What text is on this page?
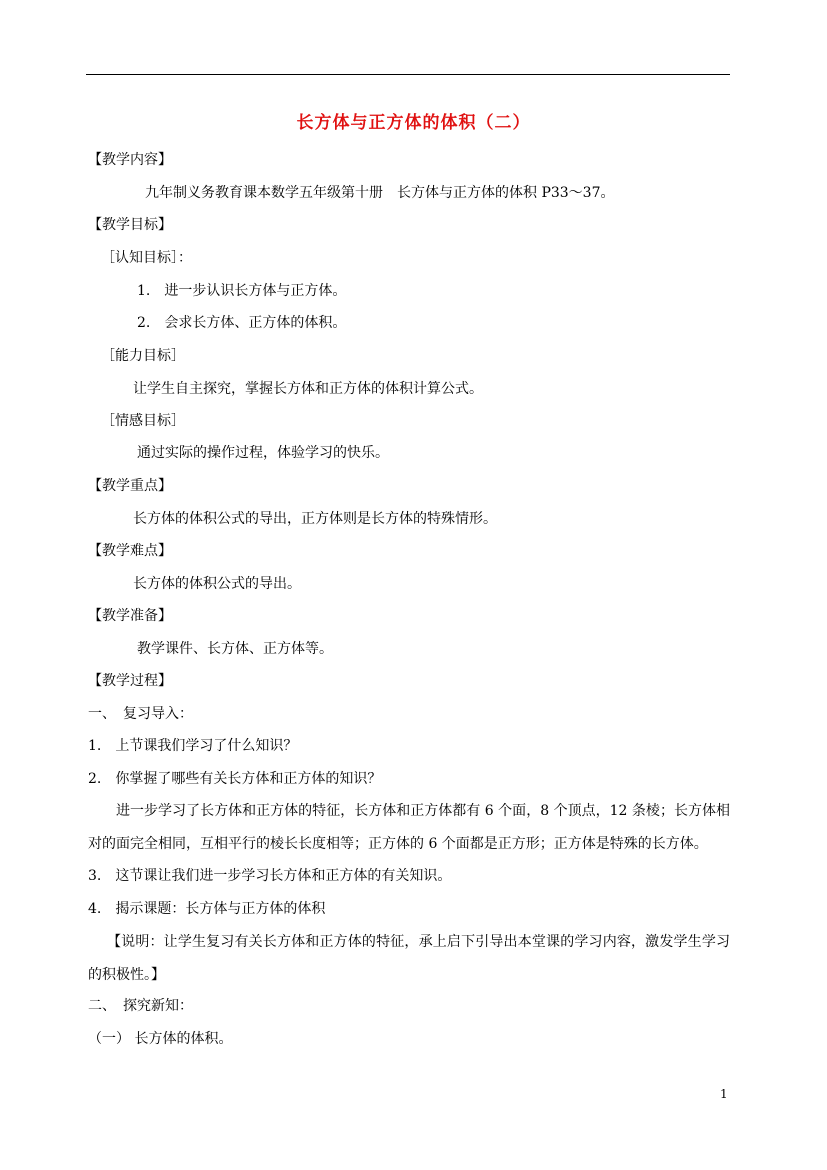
长方体与正方体的体积（二）
【教学内容】
九年制义务教育课本数学五年级第十册　长方体与正方体的体积 P33～37。
【教学目标】
［认知目标］：
1.　进一步认识长方体与正方体。
2.　会求长方体、正方体的体积。
［能力目标］
让学生自主探究，掌握长方体和正方体的体积计算公式。
［情感目标］
通过实际的操作过程，体验学习的快乐。
【教学重点】
长方体的体积公式的导出，正方体则是长方体的特殊情形。
【教学难点】
长方体的体积公式的导出。
【教学准备】
教学课件、长方体、正方体等。
【教学过程】
一、　复习导入：
1.　上节课我们学习了什么知识？
2.　你掌握了哪些有关长方体和正方体的知识？
进一步学习了长方体和正方体的特征，长方体和正方体都有 6 个面，8 个顶点，12 条棱；长方体相对的面完全相同，互相平行的棱长长度相等；正方体的 6 个面都是正方形；正方体是特殊的长方体。
3.　这节课让我们进一步学习长方体和正方体的有关知识。
4.　揭示课题：长方体与正方体的体积
【说明：让学生复习有关长方体和正方体的特征，承上启下引导出本堂课的学习内容，激发学生学习的积极性。】
二、　探究新知：
（一） 长方体的体积。
1
